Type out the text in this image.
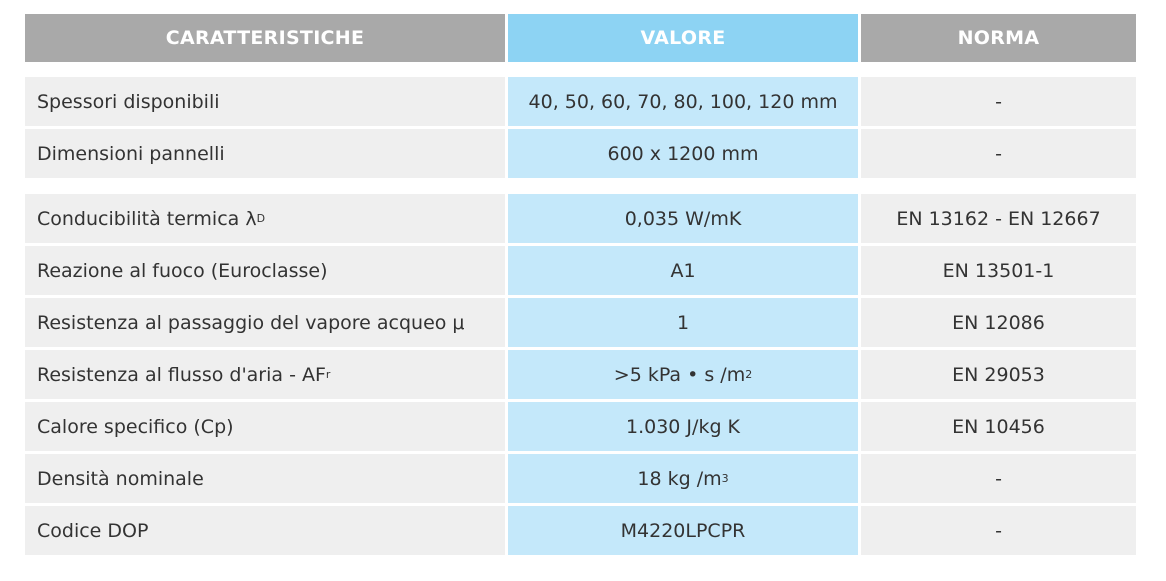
CARATTERISTICHE	VALORE	NORMA
Spessori disponibili	40, 50, 60, 70, 80, 100, 120 mm	-
Dimensioni pannelli	600 x 1200 mm	-
Conducibilità termica λ D	0,035 W/mK	EN 13162 - EN 12667
Reazione al fuoco (Euroclasse)	A1	EN 13501-1
Resistenza al passaggio del vapore acqueo μ	1	EN 12086
Resistenza al flusso d'aria - AF r	>5 kPa • s /m 2	EN 29053
Calore specifico (Cp)	1.030 J/kg K	EN 10456
Densità nominale	18 kg /m 3	-
Codice DOP	M4220LPCPR	-
